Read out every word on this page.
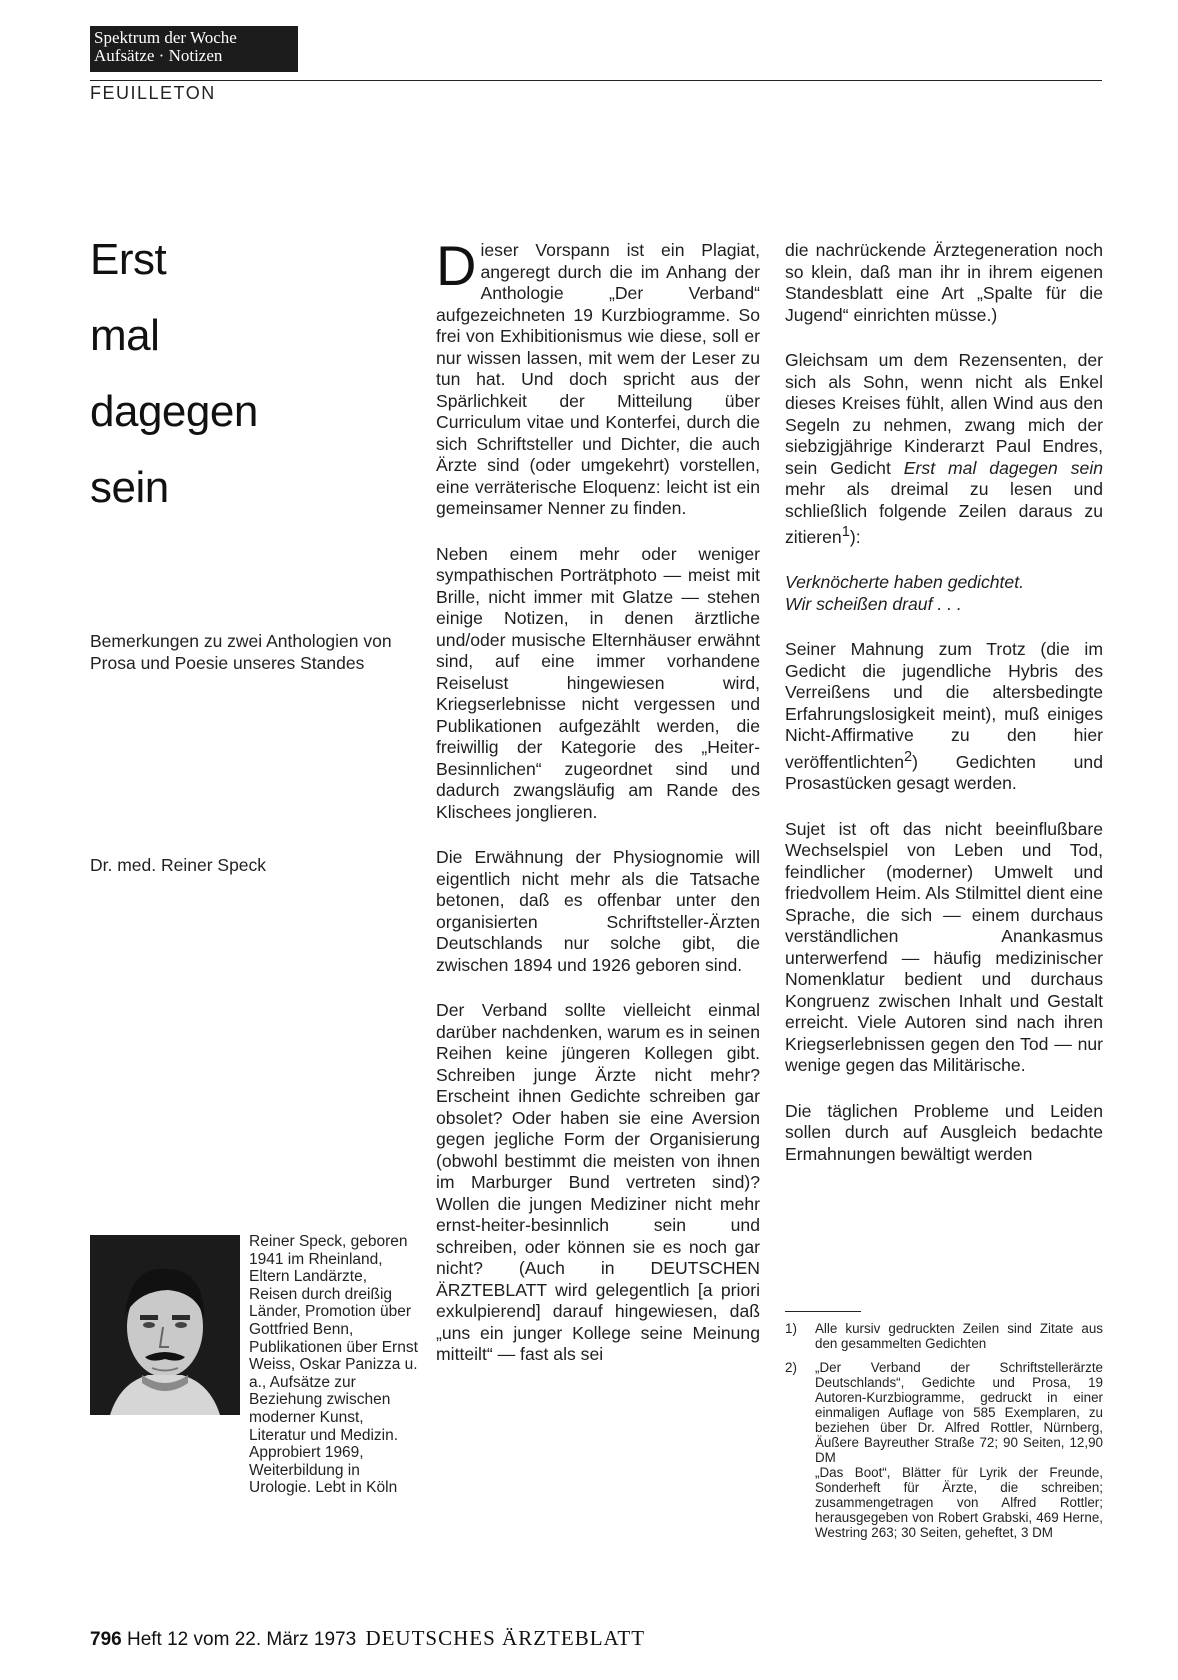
Spektrum der Woche
Aufsätze · Notizen
FEUILLETON
Erst
mal
dagegen
sein
Bemerkungen zu zwei Anthologien von Prosa und Poesie unseres Standes
Dr. med. Reiner Speck
Reiner Speck, geboren 1941 im Rheinland, Eltern Landärzte, Reisen durch dreißig Länder, Promotion über Gottfried Benn, Publikationen über Ernst Weiss, Oskar Panizza u. a., Aufsätze zur Beziehung zwischen moderner Kunst, Literatur und Medizin. Approbiert 1969, Weiterbildung in Urologie. Lebt in Köln

Dieser Vorspann ist ein Plagiat, angeregt durch die im Anhang der Anthologie „Der Verband“ aufgezeichneten 19 Kurzbiogramme. So frei von Exhibitionismus wie diese, soll er nur wissen lassen, mit wem der Leser zu tun hat. Und doch spricht aus der Spärlichkeit der Mitteilung über Curriculum vitae und Konterfei, durch die sich Schriftsteller und Dichter, die auch Ärzte sind (oder umgekehrt) vorstellen, eine verräterische Eloquenz: leicht ist ein gemeinsamer Nenner zu finden.

Neben einem mehr oder weniger sympathischen Porträtphoto — meist mit Brille, nicht immer mit Glatze — stehen einige Notizen, in denen ärztliche und/oder musische Elternhäuser erwähnt sind, auf eine immer vorhandene Reiselust hingewiesen wird, Kriegserlebnisse nicht vergessen und Publikationen aufgezählt werden, die freiwillig der Kategorie des „Heiter-Besinnlichen“ zugeordnet sind und dadurch zwangsläufig am Rande des Klischees jonglieren.

Die Erwähnung der Physiognomie will eigentlich nicht mehr als die Tatsache betonen, daß es offenbar unter den organisierten Schriftsteller-Ärzten Deutschlands nur solche gibt, die zwischen 1894 und 1926 geboren sind.

Der Verband sollte vielleicht einmal darüber nachdenken, warum es in seinen Reihen keine jüngeren Kollegen gibt. Schreiben junge Ärzte nicht mehr? Erscheint ihnen Gedichte schreiben gar obsolet? Oder haben sie eine Aversion gegen jegliche Form der Organisierung (obwohl bestimmt die meisten von ihnen im Marburger Bund vertreten sind)? Wollen die jungen Mediziner nicht mehr ernst-heiter-besinnlich sein und schreiben, oder können sie es noch gar nicht? (Auch in DEUTSCHEN ÄRZTEBLATT wird gelegentlich [a priori exkulpierend] darauf hingewiesen, daß „uns ein junger Kollege seine Meinung mitteilt“ — fast als sei

die nachrückende Ärztegeneration noch so klein, daß man ihr in ihrem eigenen Standesblatt eine Art „Spalte für die Jugend“ einrichten müsse.)

Gleichsam um dem Rezensenten, der sich als Sohn, wenn nicht als Enkel dieses Kreises fühlt, allen Wind aus den Segeln zu nehmen, zwang mich der siebzigjährige Kinderarzt Paul Endres, sein Gedicht Erst mal dagegen sein mehr als dreimal zu lesen und schließlich folgende Zeilen daraus zu zitieren$^1$):

Verknöcherte haben gedichtet.
Wir scheißen drauf . . .

Seiner Mahnung zum Trotz (die im Gedicht die jugendliche Hybris des Verreißens und die altersbedingte Erfahrungslosigkeit meint), muß einiges Nicht-Affirmative zu den hier veröffentlichten$^2$) Gedichten und Prosastücken gesagt werden.

Sujet ist oft das nicht beeinflußbare Wechselspiel von Leben und Tod, feindlicher (moderner) Umwelt und friedvollem Heim. Als Stilmittel dient eine Sprache, die sich — einem durchaus verständlichen Anankasmus unterwerfend — häufig medizinischer Nomenklatur bedient und durchaus Kongruenz zwischen Inhalt und Gestalt erreicht. Viele Autoren sind nach ihren Kriegserlebnissen gegen den Tod — nur wenige gegen das Militärische.

Die täglichen Probleme und Leiden sollen durch auf Ausgleich bedachte Ermahnungen bewältigt werden

1)	Alle kursiv gedruckten Zeilen sind Zitate aus den gesammelten Gedichten

2)	„Der Verband der Schriftstellerärzte Deutschlands“, Gedichte und Prosa, 19 Autoren-Kurzbiogramme, gedruckt in einer einmaligen Auflage von 585 Exemplaren, zu beziehen über Dr. Alfred Rottler, Nürnberg, Äußere Bayreuther Straße 72; 90 Seiten, 12,90 DM

„Das Boot“, Blätter für Lyrik der Freunde, Sonderheft für Ärzte, die schreiben; zusammengetragen von Alfred Rottler; herausgegeben von Robert Grabski, 469 Herne, Westring 263; 30 Seiten, geheftet, 3 DM

796 Heft 12 vom 22. März 1973 DEUTSCHES ÄRZTEBLATT
